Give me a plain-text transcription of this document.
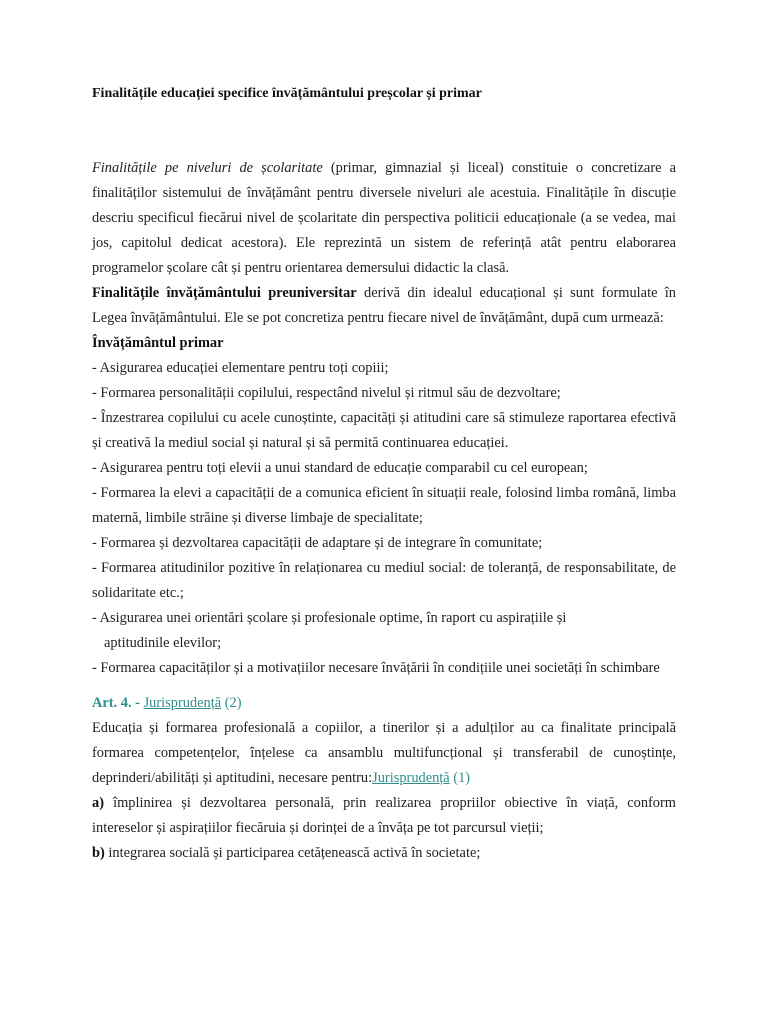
Finalitățile educației specifice învățământului preșcolar și primar

Finalitățile pe niveluri de școlaritate (primar, gimnazial și liceal) constituie o concretizare a finalităților sistemului de învățământ pentru diversele niveluri ale acestuia. Finalitățile în discuție descriu specificul fiecărui nivel de școlaritate din perspectiva politicii educaționale (a se vedea, mai jos, capitolul dedicat acestora). Ele reprezintă un sistem de referință atât pentru elaborarea programelor școlare cât și pentru orientarea demersului didactic la clasă.

Finalitățile învățământului preuniversitar derivă din idealul educațional și sunt formulate în Legea învățământului. Ele se pot concretiza pentru fiecare nivel de învățământ, după cum urmează:

Învățământul primar

- Asigurarea educației elementare pentru toți copiii;

- Formarea personalității copilului, respectând nivelul și ritmul său de dezvoltare;

- Înzestrarea copilului cu acele cunoștinte, capacități și atitudini care să stimuleze raportarea efectivă și creativă la mediul social și natural și să permită continuarea educației.

- Asigurarea pentru toți elevii a unui standard de educație comparabil cu cel european;

- Formarea la elevi a capacității de a comunica eficient în situații reale, folosind limba română, limba maternă, limbile străine și diverse limbaje de specialitate;

- Formarea și dezvoltarea capacității de adaptare și de integrare în comunitate;

- Formarea atitudinilor pozitive în relaționarea cu mediul social: de toleranță, de responsabilitate, de solidaritate etc.;

- Asigurarea unei orientări școlare și profesionale optime, în raport cu aspirațiile și

aptitudinile elevilor;

- Formarea capacităților și a motivațiilor necesare învățării în condițiile unei societăți în schimbare

Art. 4. - Jurisprudență (2)

Educația și formarea profesională a copiilor, a tinerilor și a adulților au ca finalitate principală formarea competențelor, înțelese ca ansamblu multifuncțional și transferabil de cunoștințe, deprinderi/abilități și aptitudini, necesare pentru:Jurisprudență (1)

a) împlinirea și dezvoltarea personală, prin realizarea propriilor obiective în viață, conform intereselor și aspirațiilor fiecăruia și dorinței de a învăța pe tot parcursul vieții;

b) integrarea socială și participarea cetățenească activă în societate;
